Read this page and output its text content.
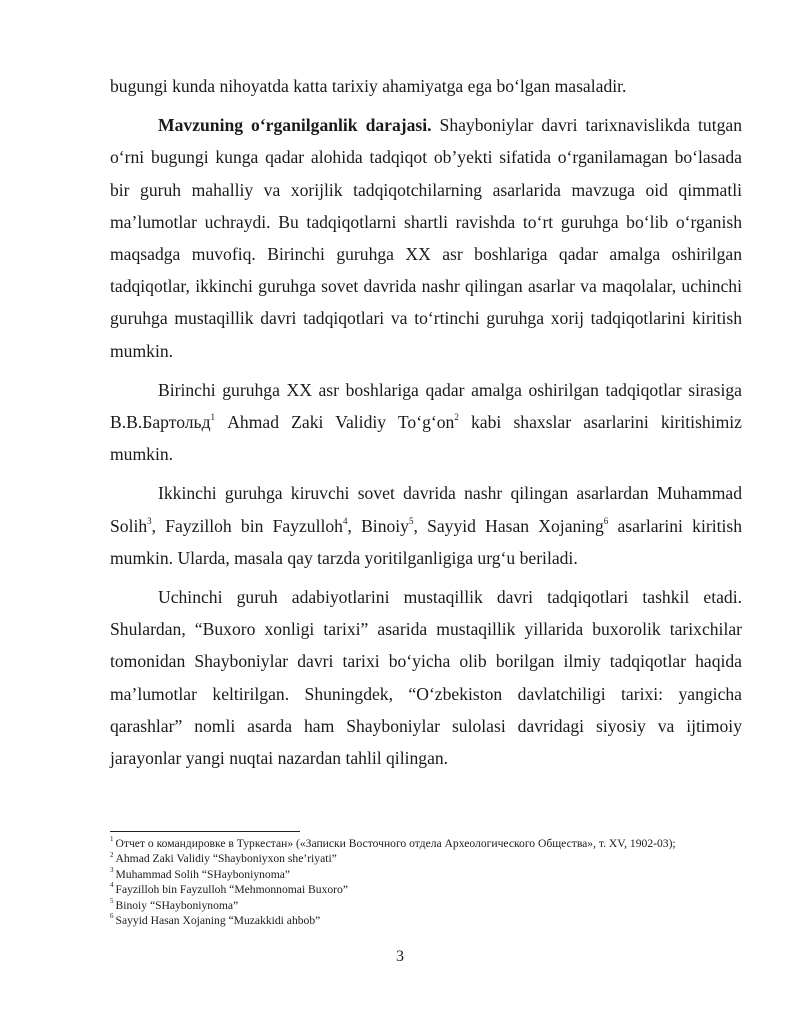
bugungi kunda nihoyatda katta tarixiy ahamiyatga ega bo‘lgan masaladir.

Mavzuning o‘rganilganlik darajasi. Shayboniylar davri tarixnavislikda tutgan o‘rni bugungi kunga qadar alohida tadqiqot ob’yekti sifatida o‘rganilamagan bo‘lasada bir guruh mahalliy va xorijlik tadqiqotchilarning asarlarida mavzuga oid qimmatli ma’lumotlar uchraydi. Bu tadqiqotlarni shartli ravishda to‘rt guruhga bo‘lib o‘rganish maqsadga muvofiq. Birinchi guruhga XX asr boshlariga qadar amalga oshirilgan tadqiqotlar, ikkinchi guruhga sovet davrida nashr qilingan asarlar va maqolalar, uchinchi guruhga mustaqillik davri tadqiqotlari va to‘rtinchi guruhga xorij tadqiqotlarini kiritish mumkin.

Birinchi guruhga XX asr boshlariga qadar amalga oshirilgan tadqiqotlar sirasiga В.В.Бартольд$^1$ Ahmad Zaki Validiy $To‘g‘on^2$ kabi shaxslar asarlarini kiritishimiz mumkin.

Ikkinchi guruhga kiruvchi sovet davrida nashr qilingan asarlardan Muhammad Solih$^3$, Fayzilloh bin Fayzulloh$^4$, Binoiy$^5$, Sayyid Hasan Xojaning$^6$ asarlarini kiritish mumkin. Ularda, masala qay tarzda yoritilganligiga urg‘u beriladi.

Uchinchi guruh adabiyotlarini mustaqillik davri tadqiqotlari tashkil etadi. Shulardan, “Buxoro xonligi tarixi” asarida mustaqillik yillarida buxorolik tarixchilar tomonidan Shayboniylar davri tarixi bo‘yicha olib borilgan ilmiy tadqiqotlar haqida ma’lumotlar keltirilgan. Shuningdek, “O‘zbekiston davlatchiligi tarixi: yangicha qarashlar” nomli asarda ham Shayboniylar sulolasi davridagi siyosiy va ijtimoiy jarayonlar yangi nuqtai nazardan tahlil qilingan.

$^1$ Отчет о командировке в Туркестан» («Записки Восточного отдела Археологического Общества», т. XV, 1902-03);

$^2$ Ahmad Zaki Validiy “Shayboniyxon she’riyati”

$^3$ Muhammad Solih “SHayboniynoma”

$^4$ Fayzilloh bin Fayzulloh “Mehmonnomai Buxoro”

$^5$ Binoiy “SHayboniynoma”

$^6$ Sayyid Hasan Xojaning “Muzakkidi ahbob”

3
